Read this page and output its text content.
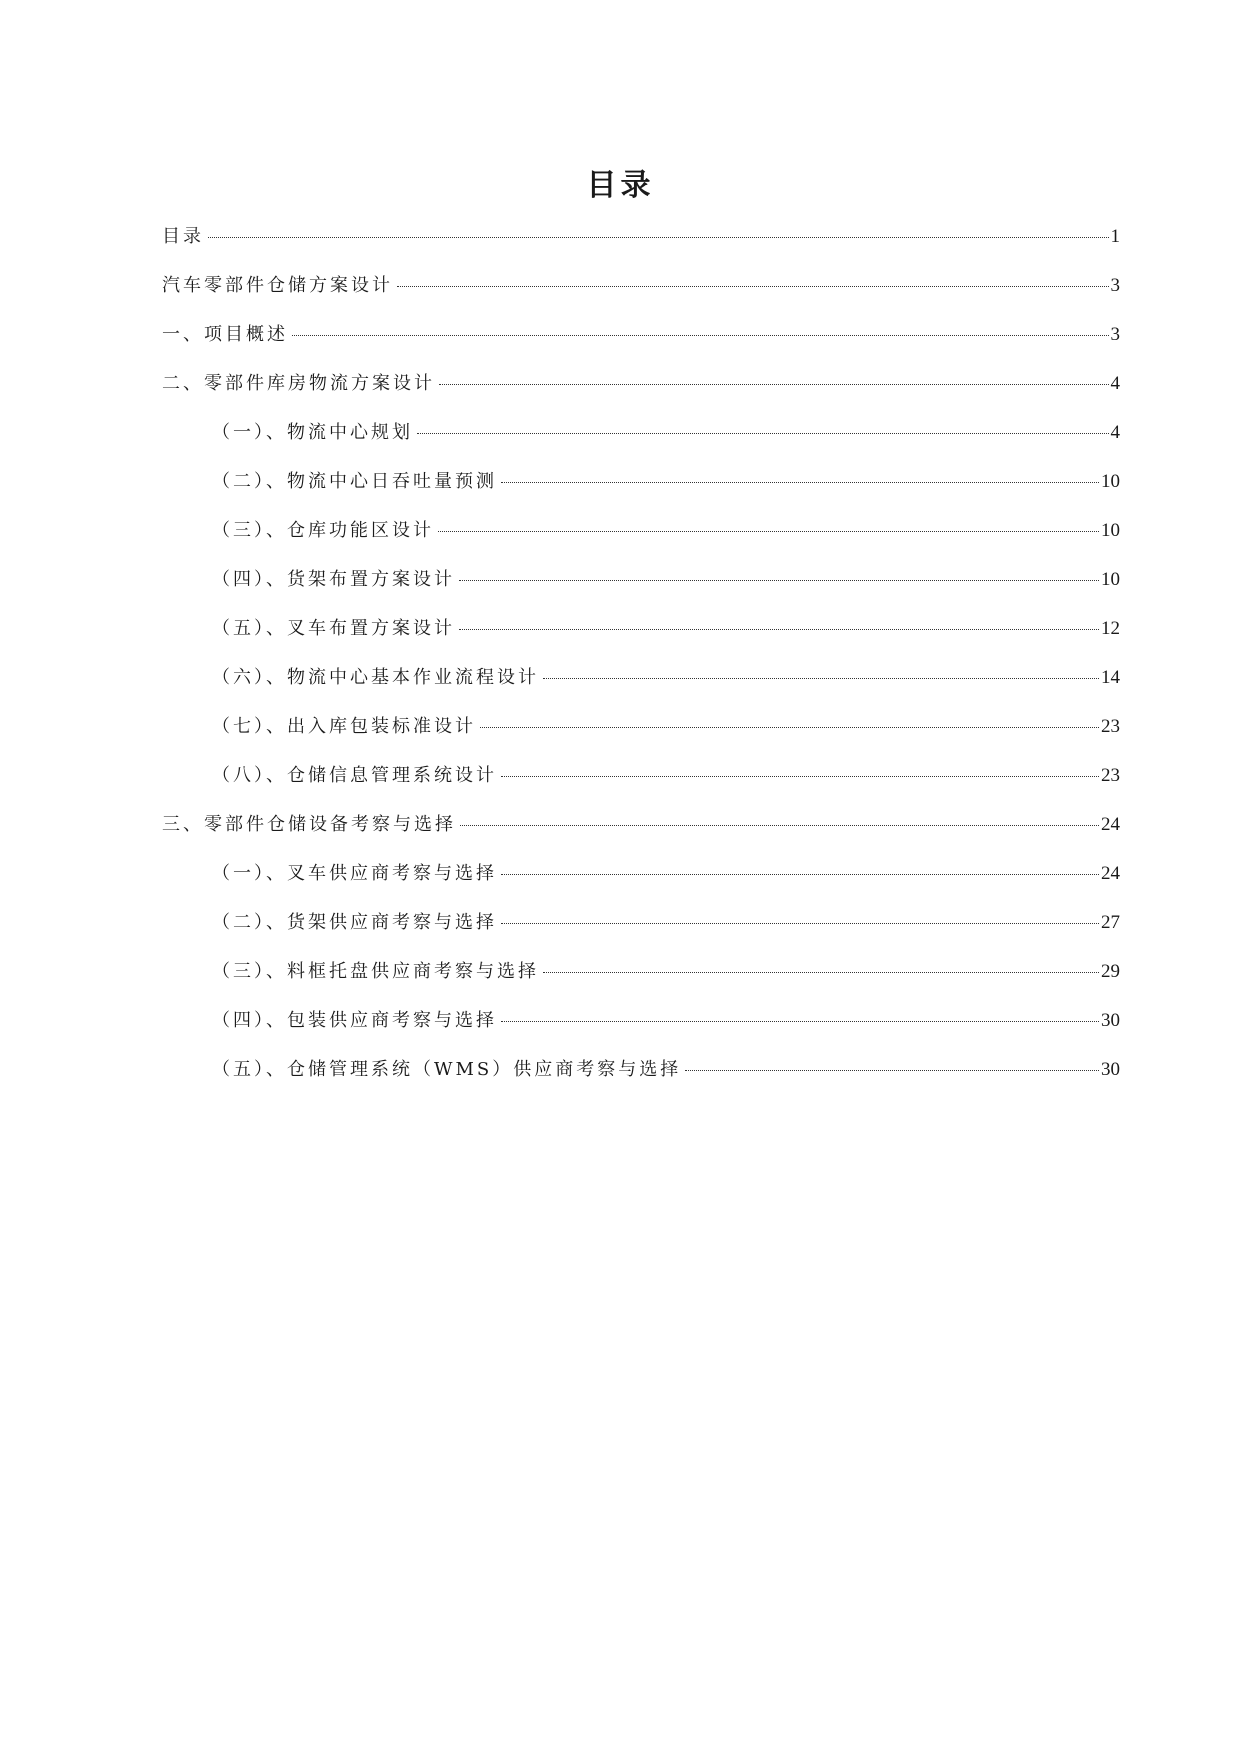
目录
目录	1
汽车零部件仓储方案设计	3
一、项目概述	3
二、零部件库房物流方案设计	4
（一）、物流中心规划	4
（二）、物流中心日吞吐量预测	10
（三）、仓库功能区设计	10
（四）、货架布置方案设计	10
（五）、叉车布置方案设计	12
（六）、物流中心基本作业流程设计	14
（七）、出入库包装标准设计	23
（八）、仓储信息管理系统设计	23
三、零部件仓储设备考察与选择	24
（一）、叉车供应商考察与选择	24
（二）、货架供应商考察与选择	27
（三）、料框托盘供应商考察与选择	29
（四）、包装供应商考察与选择	30
（五）、仓储管理系统（WMS）供应商考察与选择	30
